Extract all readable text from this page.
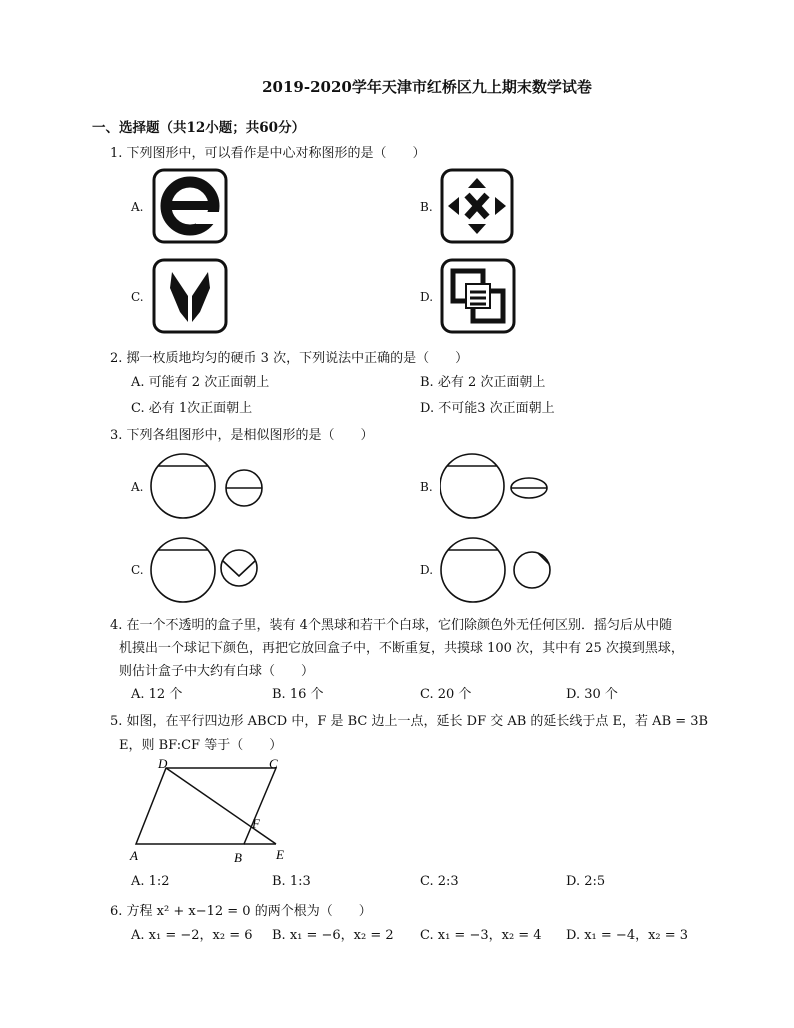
2019-2020学年天津市红桥区九上期末数学试卷
一、选择题（共12小题；共60分）
1. 下列图形中，可以看作是中心对称图形的是（　　）
A.	B.
C.	D.
2. 掷一枚质地均匀的硬币 3 次，下列说法中正确的是（　　）
A. 可能有 2 次正面朝上	B. 必有 2 次正面朝上
C. 必有 1次正面朝上	D. 不可能3 次正面朝上
3. 下列各组图形中，是相似图形的是（　　）
A.	B.
C.	D.
4. 在一个不透明的盒子里，装有 4个黑球和若干个白球，它们除颜色外无任何区别．摇匀后从中随
机摸出一个球记下颜色，再把它放回盒子中，不断重复，共摸球 100 次，其中有 25 次摸到黑球，
则估计盒子中大约有白球（　　）
A. 12 个	B. 16 个	C. 20 个	D. 30 个
5. 如图，在平行四边形 ABCD 中，F 是 BC 边上一点，延长 DF 交 AB 的延长线于点 E，若 AB = 3B
E，则 BF:CF 等于（　　）
D	C
F
A	B	E
A. 1:2	B. 1:3	C. 2:3	D. 2:5
6. 方程 x² + x−12 = 0 的两个根为（　　）
A. x₁ = −2，x₂ = 6 B. x₁ = −6，x₂ = 2 C. x₁ = −3，x₂ = 4 D. x₁ = −4，x₂ = 3
